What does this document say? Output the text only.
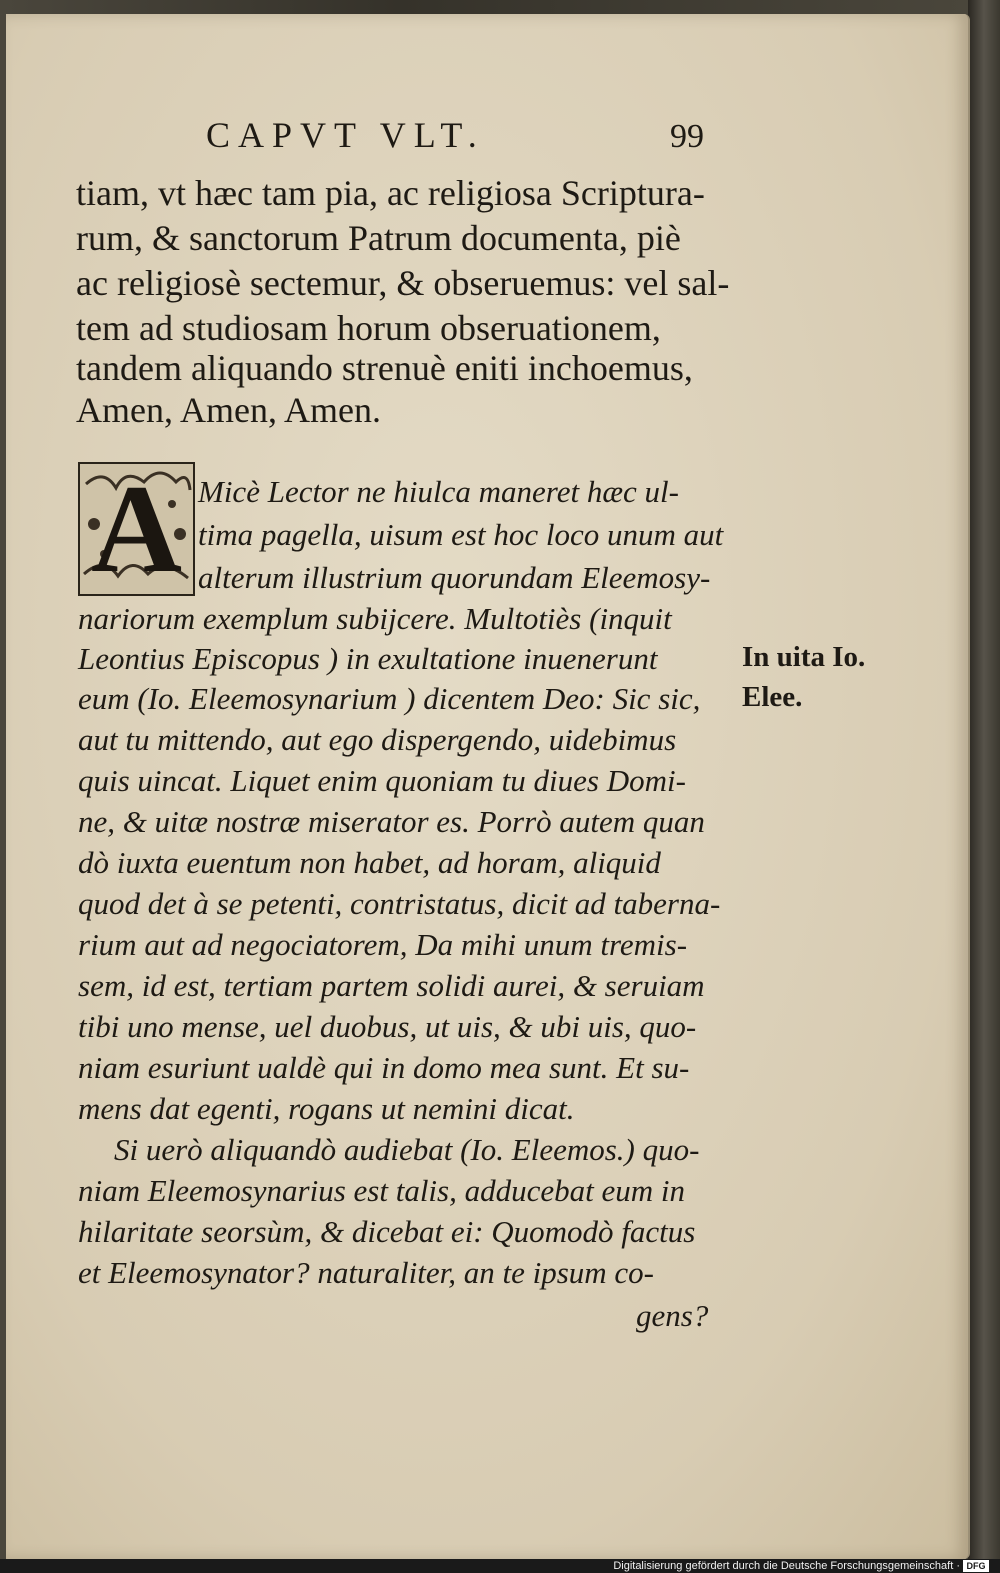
CAPVT VLT.	99
tiam, vt hæc tam pia, ac religiosa Scriptura-
rum, & sanctorum Patrum documenta, piè
ac religiosè sectemur, & obseruemus: vel sal-
tem ad studiosam horum obseruationem,
tandem aliquando strenuè eniti inchoemus,
Amen, Amen, Amen.
A Micè Lector ne hiulca maneret hæc ul-
tima pagella, uisum est hoc loco unum aut
alterum illustrium quorundam Eleemosy-
nariorum exemplum subijcere. Multotiès (inquit
Leontius Episcopus ) in exultatione inuenerunt
eum (Io. Eleemosynarium ) dicentem Deo: Sic sic,
aut tu mittendo, aut ego dispergendo, uidebimus
quis uincat. Liquet enim quoniam tu diues Domi-
ne, & uitæ nostræ miserator es. Porrò autem quan
dò iuxta euentum non habet, ad horam, aliquid
quod det à se petenti, contristatus, dicit ad taberna-
rium aut ad negociatorem, Da mihi unum tremis-
sem, id est, tertiam partem solidi aurei, & seruiam
tibi uno mense, uel duobus, ut uis, & ubi uis, quo-
niam esuriunt ualdè qui in domo mea sunt. Et su-
mens dat egenti, rogans ut nemini dicat.
Si uerò aliquandò audiebat (Io. Eleemos.) quo-
niam Eleemosynarius est talis, adducebat eum in
hilaritate seorsùm, & dicebat ei: Quomodò factus
et Eleemosynator? naturaliter, an te ipsum co-
gens?
In uita Io.
Elee.
Digitalisierung gefördert durch die Deutsche Forschungsgemeinschaft · DFG
